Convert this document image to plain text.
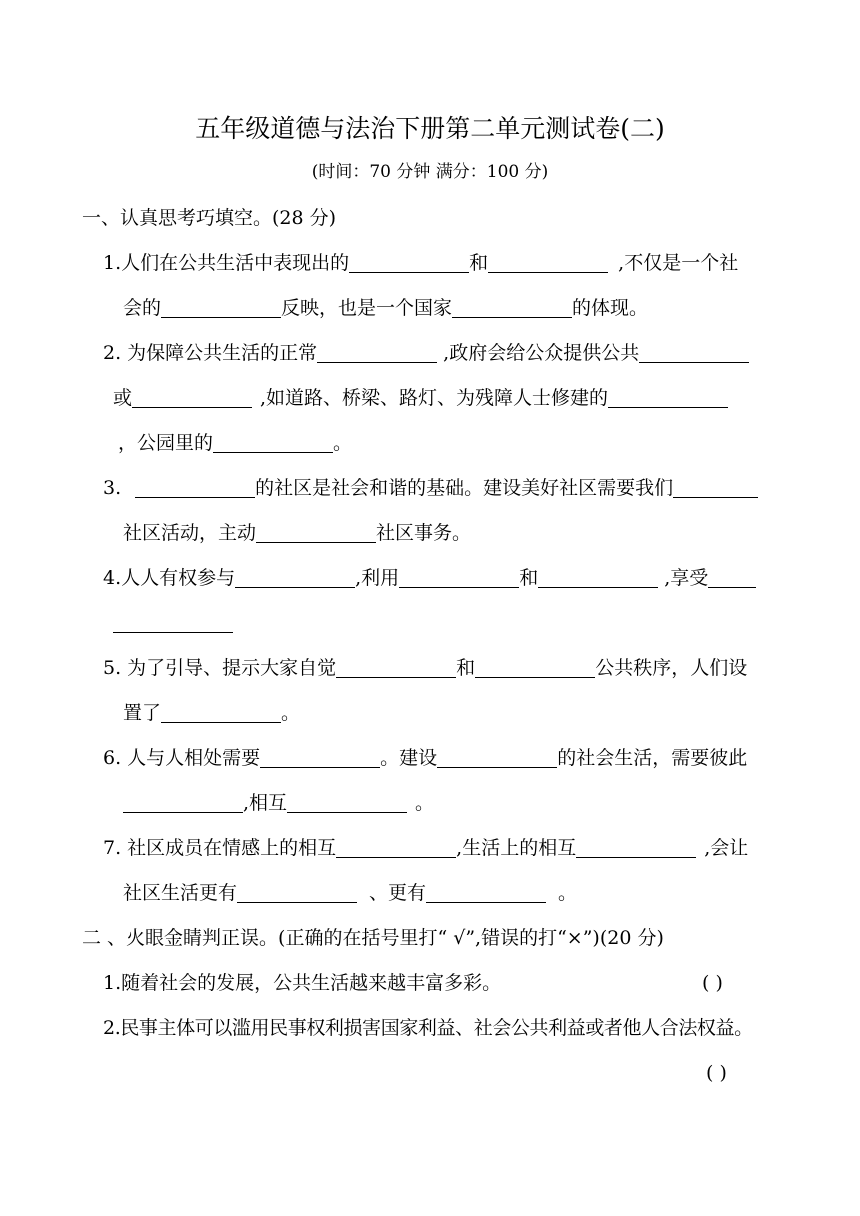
五年级道德与法治下册第二单元测试卷(二)
(时间：70 分钟 满分：100 分)
一、认真思考巧填空。(28 分)
1.人们在公共生活中表现出的	和	,不仅是一个社
会的	反映，也是一个国家	的体现。
2. 为保障公共生活的正常	,政府会给公众提供公共
或	,如道路、桥梁、路灯、为残障人士修建的
，公园里的	。
3.	的社区是社会和谐的基础。建设美好社区需要我们
社区活动，主动	社区事务。
4.人人有权参与	,利用	和	,享受
5. 为了引导、提示大家自觉	和	公共秩序，人们设
置了	。
6. 人与人相处需要	。建设	的社会生活，需要彼此
,相互	。
7. 社区成员在情感上的相互	,生活上的相互	,会让
社区生活更有	、更有	。
二 、火眼金睛判正误。(正确的在括号里打“ √”,错误的打“×”)(20 分)
1.随着社会的发展，公共生活越来越丰富多彩。	( )
2.民事主体可以滥用民事权利损害国家利益、社会公共利益或者他人合法权益。
( )
